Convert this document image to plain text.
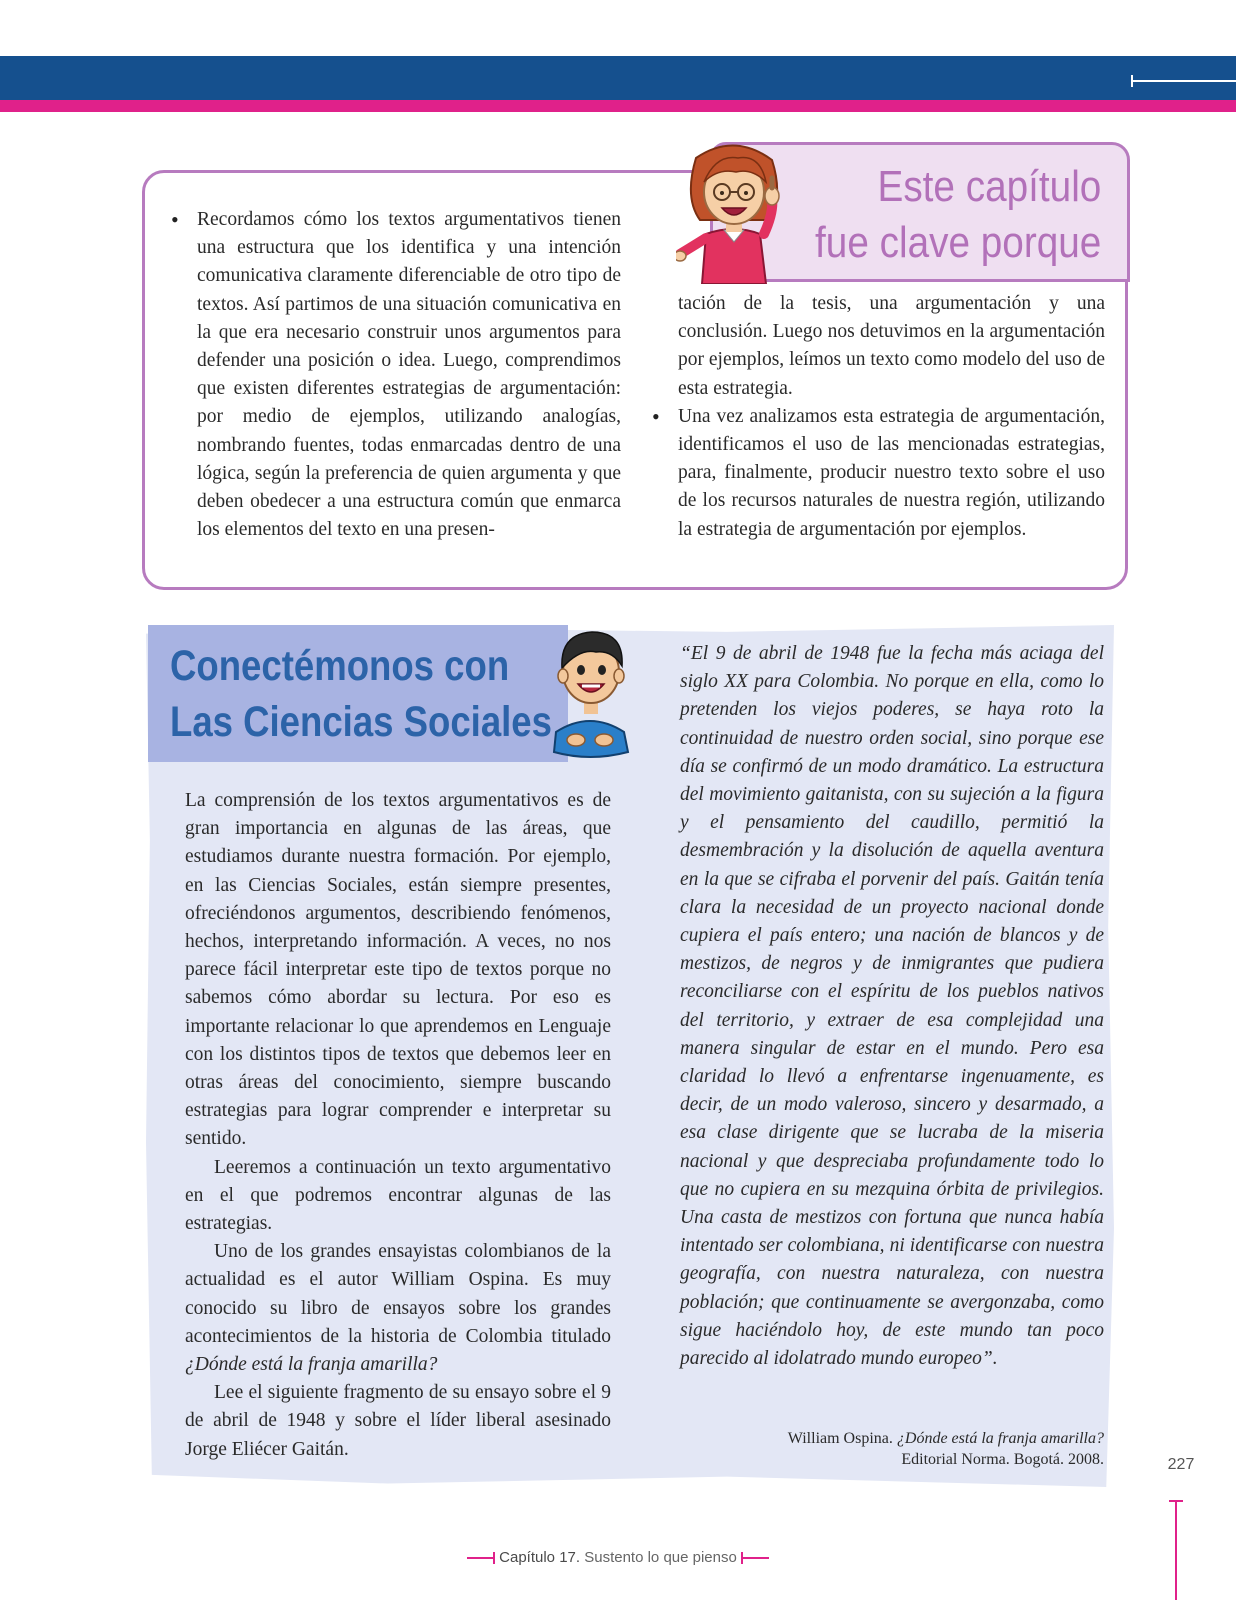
Este capítulo
fue clave porque
• Recordamos cómo los textos argumentativos tienen una estructura que los identifica y una intención comunicativa claramente diferenciable de otro tipo de textos. Así partimos de una situación comunicativa en la que era necesario construir unos argumentos para defender una posición o idea. Luego, comprendimos que existen diferentes estrategias de argumentación: por medio de ejemplos, utilizando analogías, nombrando fuentes, todas enmarcadas dentro de una lógica, según la preferencia de quien argumenta y que deben obedecer a una estructura común que enmarca los elementos del texto en una presen-

tación de la tesis, una argumentación y una conclusión. Luego nos detuvimos en la argumentación por ejemplos, leímos un texto como modelo del uso de esta estrategia.

Una vez analizamos esta estrategia de argumentación, identificamos el uso de las mencionadas estrategias, para, finalmente, producir nuestro texto sobre el uso de los recursos naturales de nuestra región, utilizando la estrategia de argumentación por ejemplos.

•
Conectémonos con
Las Ciencias Sociales

La comprensión de los textos argumentativos es de gran importancia en algunas de las áreas, que estudiamos durante nuestra formación. Por ejemplo, en las Ciencias Sociales, están siempre presentes, ofreciéndonos argumentos, describiendo fenómenos, hechos, interpretando información. A veces, no nos parece fácil interpretar este tipo de textos porque no sabemos cómo abordar su lectura. Por eso es importante relacionar lo que aprendemos en Lenguaje con los distintos tipos de textos que debemos leer en otras áreas del conocimiento, siempre buscando estrategias para lograr comprender e interpretar su sentido.

Leeremos a continuación un texto argumentativo en el que podremos encontrar algunas de las estrategias.

Uno de los grandes ensayistas colombianos de la actualidad es el autor William Ospina. Es muy conocido su libro de ensayos sobre los grandes acontecimientos de la historia de Colombia titulado ¿Dónde está la franja amarilla?

Lee el siguiente fragmento de su ensayo sobre el 9 de abril de 1948 y sobre el líder liberal asesinado Jorge Eliécer Gaitán.

“El 9 de abril de 1948 fue la fecha más aciaga del siglo XX para Colombia. No porque en ella, como lo pretenden los viejos poderes, se haya roto la continuidad de nuestro orden social, sino porque ese día se confirmó de un modo dramático. La estructura del movimiento gaitanista, con su sujeción a la figura y el pensamiento del caudillo, permitió la desmembración y la disolución de aquella aventura en la que se cifraba el porvenir del país. Gaitán tenía clara la necesidad de un proyecto nacional donde cupiera el país entero; una nación de blancos y de mestizos, de negros y de inmigrantes que pudiera reconciliarse con el espíritu de los pueblos nativos del territorio, y extraer de esa complejidad una manera singular de estar en el mundo. Pero esa claridad lo llevó a enfrentarse ingenuamente, es decir, de un modo valeroso, sincero y desarmado, a esa clase dirigente que se lucraba de la miseria nacional y que despreciaba profundamente todo lo que no cupiera en su mezquina órbita de privilegios. Una casta de mestizos con fortuna que nunca había intentado ser colombiana, ni identificarse con nuestra geografía, con nuestra naturaleza, con nuestra población; que continuamente se avergonzaba, como sigue haciéndolo hoy, de este mundo tan poco parecido al idolatrado mundo europeo”.

William Ospina. ¿Dónde está la franja amarilla?
Editorial Norma. Bogotá. 2008.	227
Capítulo 17. Sustento lo que pienso
